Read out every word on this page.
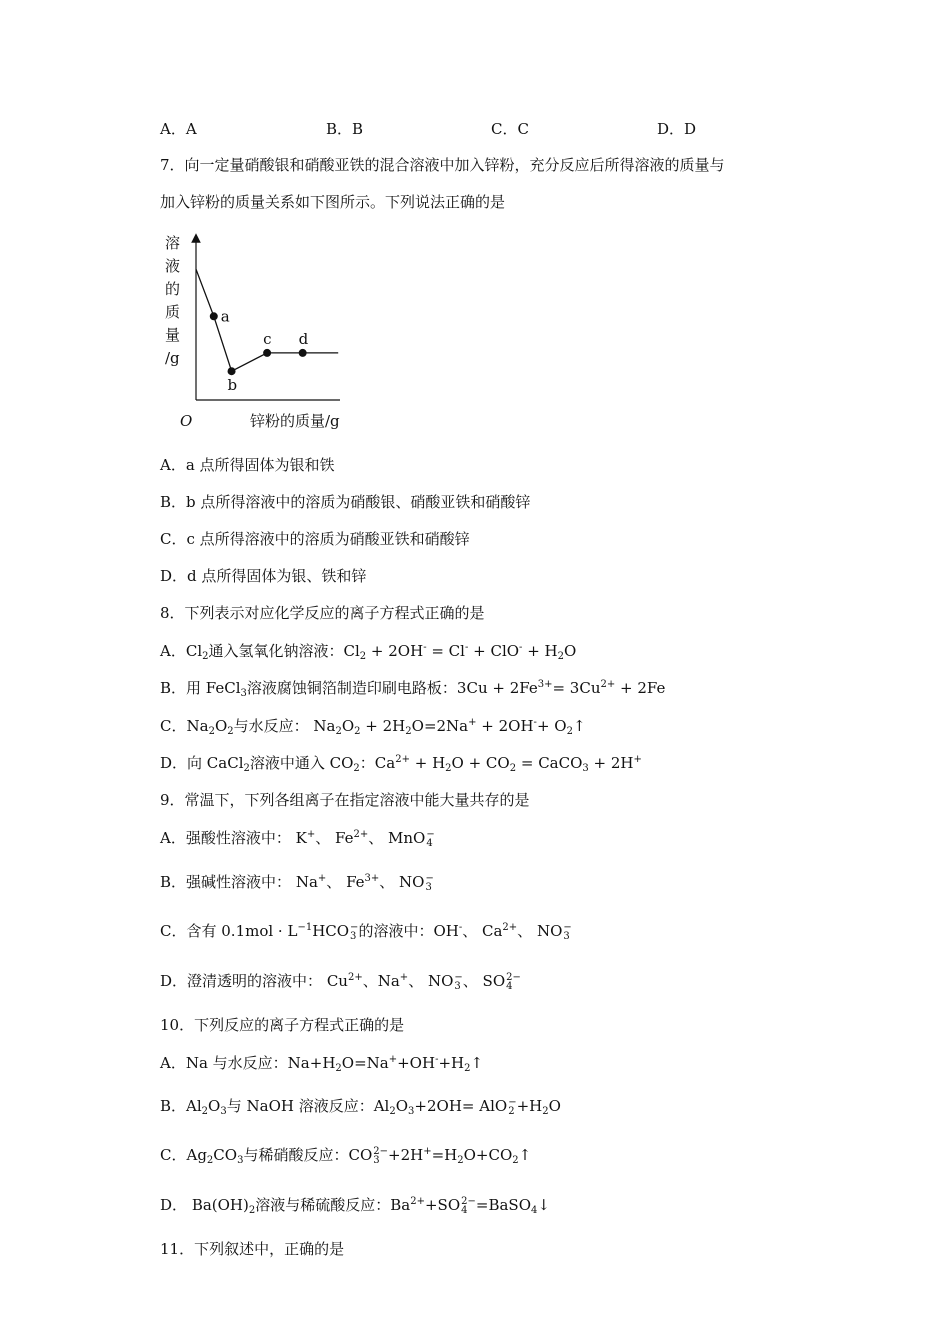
A．A	B．B	C．C	D．D
7．向一定量硝酸银和硝酸亚铁的混合溶液中加入锌粉，充分反应后所得溶液的质量与
加入锌粉的质量关系如下图所示。下列说法正确的是
溶
液
的
质
量
/g
O	锌粉的质量/g
a
b
c d
A．a 点所得固体为银和铁
B．b 点所得溶液中的溶质为硝酸银、硝酸亚铁和硝酸锌
C．c 点所得溶液中的溶质为硝酸亚铁和硝酸锌
D．d 点所得固体为银、铁和锌
8．下列表示对应化学反应的离子方程式正确的是
A．$Cl_2$通入氢氧化钠溶液：$Cl_2 + 2OH^- = Cl^- + ClO^- + H_2O$
B．用 FeCl$_3$溶液腐蚀铜箔制造印刷电路板：$3Cu + 2Fe^{3+}= 3Cu^{2+} + 2Fe$
C．$Na_2O_2$与水反应： $Na_2O_2 + 2H_2O=2Na^+ + 2OH^-+$ $O_2↑$
D．向 CaCl$_2$溶液中通入 $CO_2$：$Ca^{2+} + H_2O + CO_2$ = CaCO$_3$ + 2H+
9．常温下，下列各组离子在指定溶液中能大量共存的是
A．强酸性溶液中： K+、 $Fe^{2+}$、 MnO −
4
B．强碱性溶液中： Na+、 $Fe^{3+}$、 NO −
3
C．含有 $0.1mol \cdot L^{-1}HCO$ −
3 的溶液中：OH-、 $Ca^{2+}$、 NO −
3
D．澄清透明的溶液中： $Cu^{2+}$、Na+、 NO −
3 、 SO 2−
4
10．下列反应的离子方程式正确的是
A．Na 与水反应：$Na+H_2O=Na^++OH^-+H_2↑$
B．$Al_2O_3$与 NaOH 溶液反应：$Al_2O_3+2OH=$ AlO −
$2 +H_2O$
C．$Ag_2CO_3$与稀硝酸反应：CO 2−
$3 +2H^+=H_2O+CO_2↑$
D． $Ba(OH)_2$溶液与稀硫酸反应：$Ba^{2+}+SO$ 2−
4 =BaSO$_4$↓
11．下列叙述中，正确的是
